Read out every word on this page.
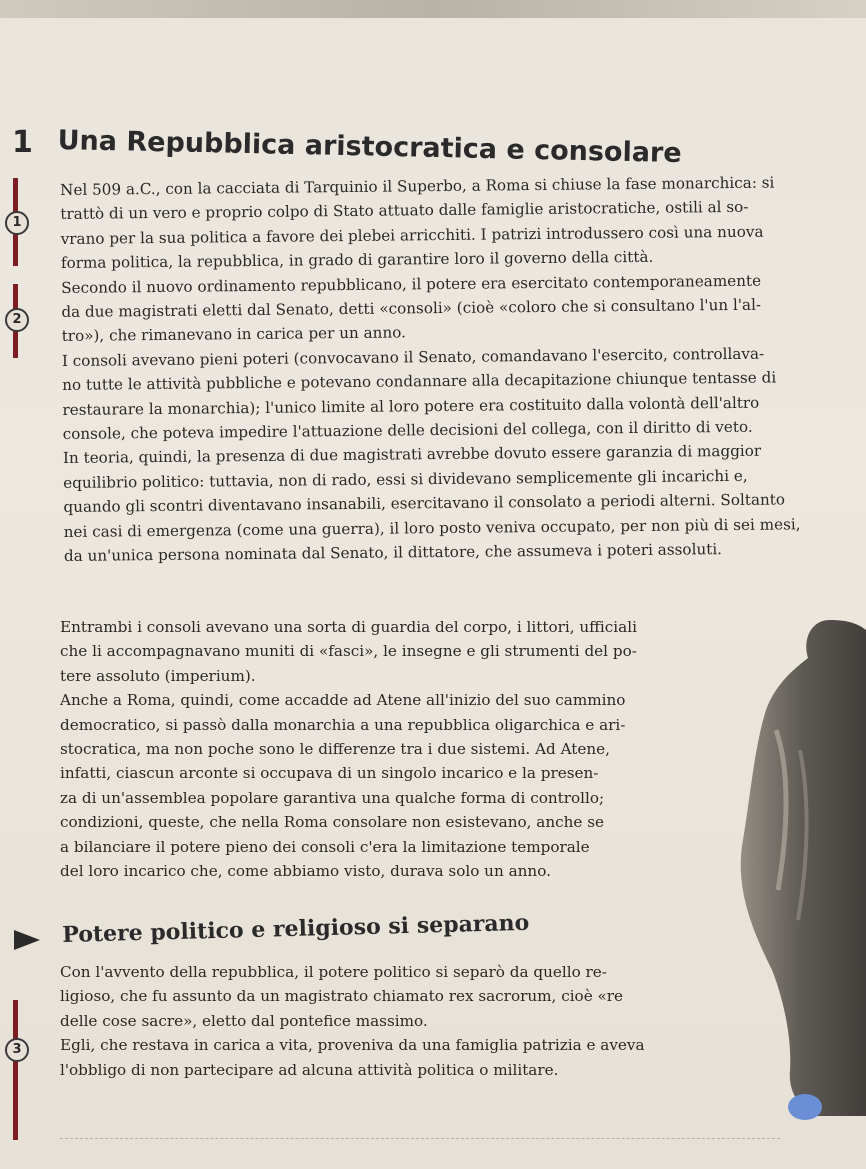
1 Una Repubblica aristocratica e consolare
1
2
Nel 509 a.C., con la cacciata di Tarquinio il Superbo, a Roma si chiuse la fase monarchica: si
trattò di un vero e proprio colpo di Stato attuato dalle famiglie aristocratiche, ostili al so-
vrano per la sua politica a favore dei plebei arricchiti. I patrizi introdussero così una nuova
forma politica, la repubblica, in grado di garantire loro il governo della città.
Secondo il nuovo ordinamento repubblicano, il potere era esercitato contemporaneamente
da due magistrati eletti dal Senato, detti «consoli» (cioè «coloro che si consultano l'un l'al-
tro»), che rimanevano in carica per un anno.
I consoli avevano pieni poteri (convocavano il Senato, comandavano l'esercito, controllava-
no tutte le attività pubbliche e potevano condannare alla decapitazione chiunque tentasse di
restaurare la monarchia); l'unico limite al loro potere era costituito dalla volontà dell'altro
console, che poteva impedire l'attuazione delle decisioni del collega, con il diritto di veto.
In teoria, quindi, la presenza di due magistrati avrebbe dovuto essere garanzia di maggior
equilibrio politico: tuttavia, non di rado, essi si dividevano semplicemente gli incarichi e,
quando gli scontri diventavano insanabili, esercitavano il consolato a periodi alterni. Soltanto
nei casi di emergenza (come una guerra), il loro posto veniva occupato, per non più di sei mesi,
da un'unica persona nominata dal Senato, il dittatore, che assumeva i poteri assoluti.
Entrambi i consoli avevano una sorta di guardia del corpo, i littori, ufficiali
che li accompagnavano muniti di «fasci», le insegne e gli strumenti del po-
tere assoluto (imperium).
Anche a Roma, quindi, come accadde ad Atene all'inizio del suo cammino
democratico, si passò dalla monarchia a una repubblica oligarchica e ari-
stocratica, ma non poche sono le differenze tra i due sistemi. Ad Atene,
infatti, ciascun arconte si occupava di un singolo incarico e la presen-
za di un'assemblea popolare garantiva una qualche forma di controllo;
condizioni, queste, che nella Roma consolare non esistevano, anche se
a bilanciare il potere pieno dei consoli c'era la limitazione temporale
del loro incarico che, come abbiamo visto, durava solo un anno.
Potere politico e religioso si separano
3
Con l'avvento della repubblica, il potere politico si separò da quello re-
ligioso, che fu assunto da un magistrato chiamato rex sacrorum, cioè «re
delle cose sacre», eletto dal pontefice massimo.
Egli, che restava in carica a vita, proveniva da una famiglia patrizia e aveva
l'obbligo di non partecipare ad alcuna attività politica o militare.
